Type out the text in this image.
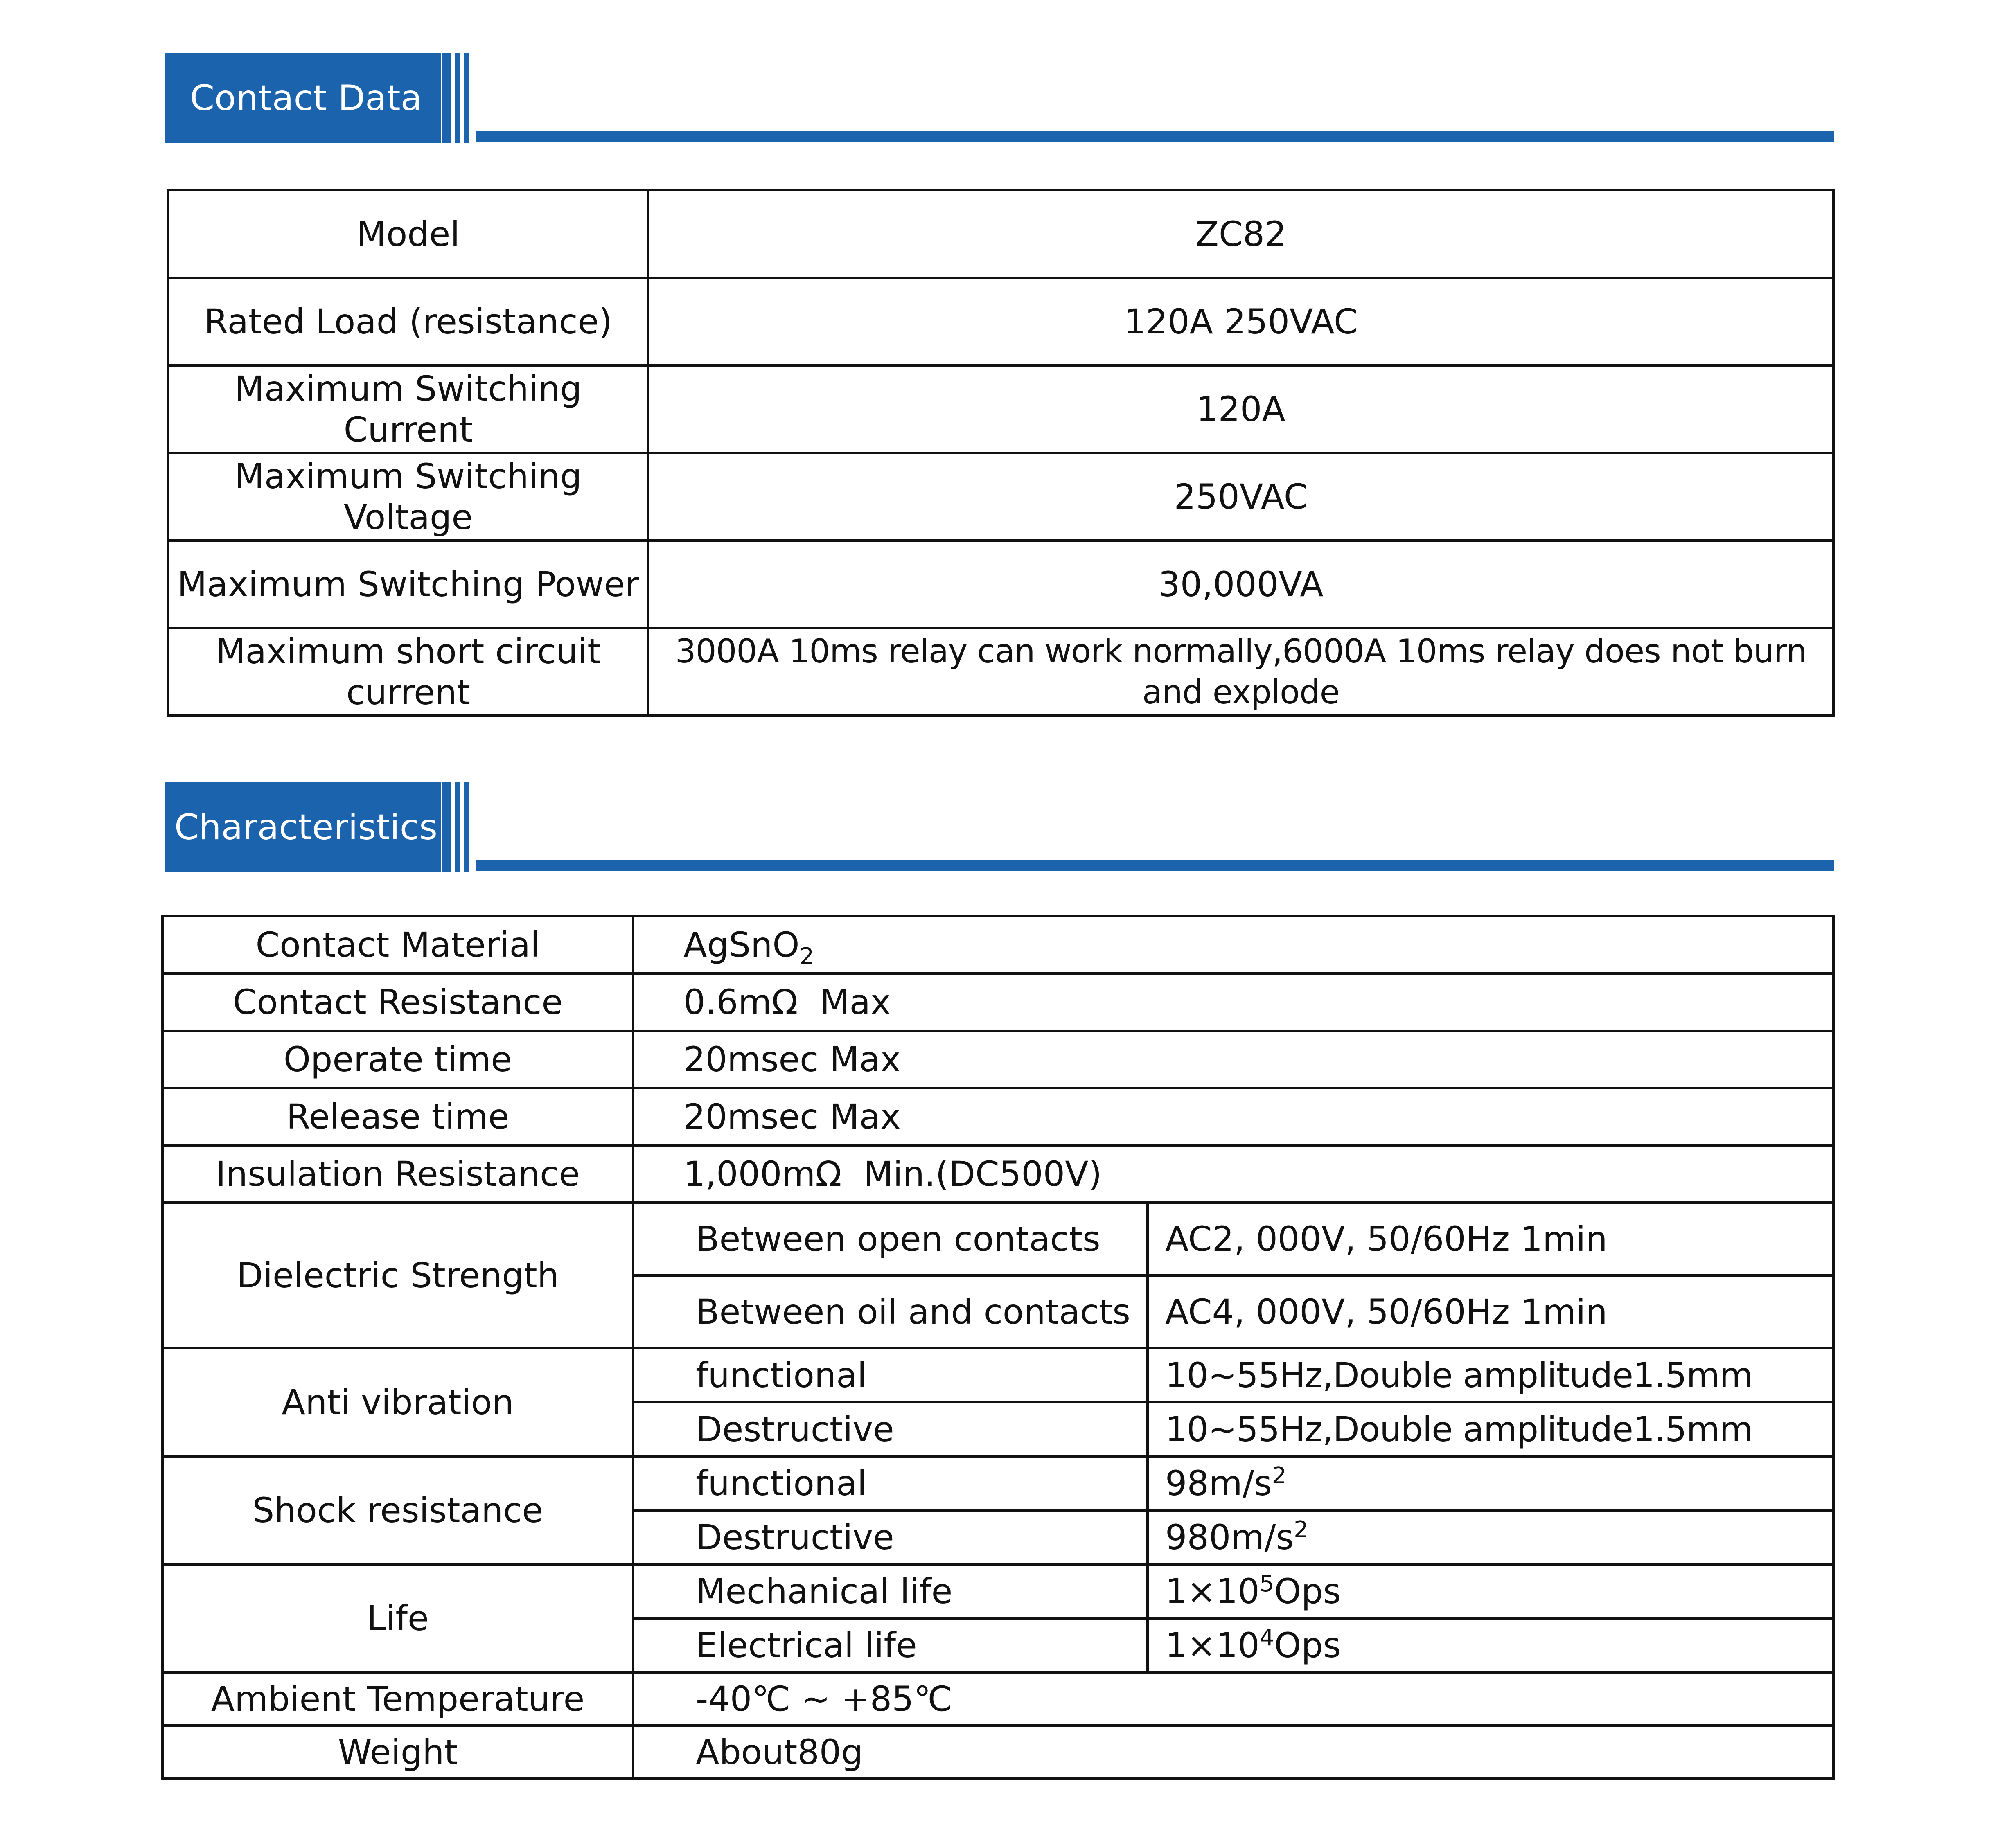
Contact Data
Model	ZC82
Rated Load (resistance)	120A 250VAC
Maximum Switching Current	120A
Maximum Switching Voltage	250VAC
Maximum Switching Power	30,000VA
Maximum short circuit current	3000A 10ms relay can work normally,6000A 10ms relay does not burn and explode
Characteristics
Contact Material	AgSnO$_2$
Contact Resistance	0.6mΩ  Max	
Operate time	20msec Max	
Release time	20msec Max	
Insulation Resistance	1,000mΩ  Min.(DC500V)	
Dielectric Strength	Between open contacts	AC2, 000V, 50/60Hz 1min
	Between oil and contacts	AC4, 000V, 50/60Hz 1min
Anti vibration	functional	10~55Hz,Double amplitude1.5mm
	Destructive	10~55Hz,Double amplitude1.5mm
Shock resistance	functional	$98m/s^2$
	Destructive	$980m/s^2$
Life	Mechanical life	$1\times 10^5Ops$
	Electrical life	$1\times 10^4Ops$
Ambient Temperature	-40℃ ~ +85℃	
Weight	About80g	
